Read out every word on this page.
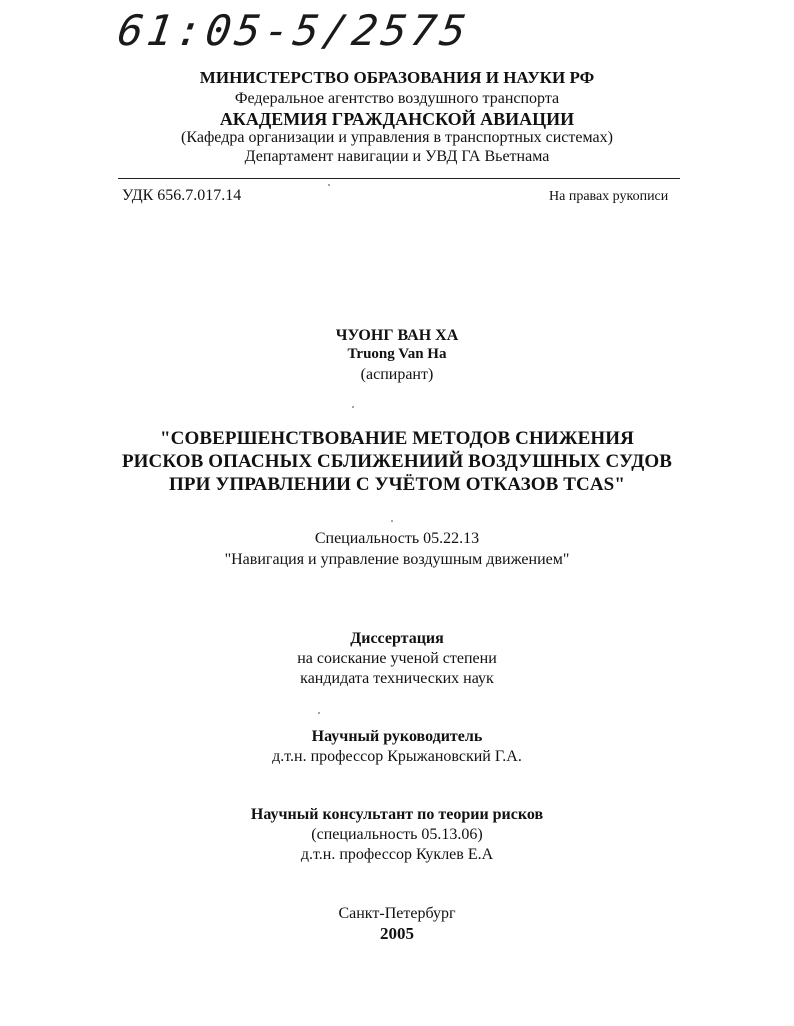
61:05-5/2575
МИНИСТЕРСТВО ОБРАЗОВАНИЯ И НАУКИ РФ
Федеральное агентство воздушного транспорта
АКАДЕМИЯ ГРАЖДАНСКОЙ АВИАЦИИ
(Кафедра организации и управления в транспортных системах)
Департамент навигации и УВД ГА Вьетнама
УДК 656.7.017.14	На правах рукописи
ЧУОНГ ВАН ХА
Truong Van Ha
(аспирант)
"СОВЕРШЕНСТВОВАНИЕ МЕТОДОВ СНИЖЕНИЯ
РИСКОВ ОПАСНЫХ СБЛИЖЕНИИЙ ВОЗДУШНЫХ СУДОВ
ПРИ УПРАВЛЕНИИ С УЧЁТОМ ОТКАЗОВ TCAS"
Специальность 05.22.13
"Навигация и управление воздушным движением"
Диссертация
на соискание ученой степени
кандидата технических наук
Научный руководитель
д.т.н. профессор Крыжановский Г.А.
Научный консультант по теории рисков
(специальность 05.13.06)
д.т.н. профессор Куклев Е.А
Санкт-Петербург
2005
